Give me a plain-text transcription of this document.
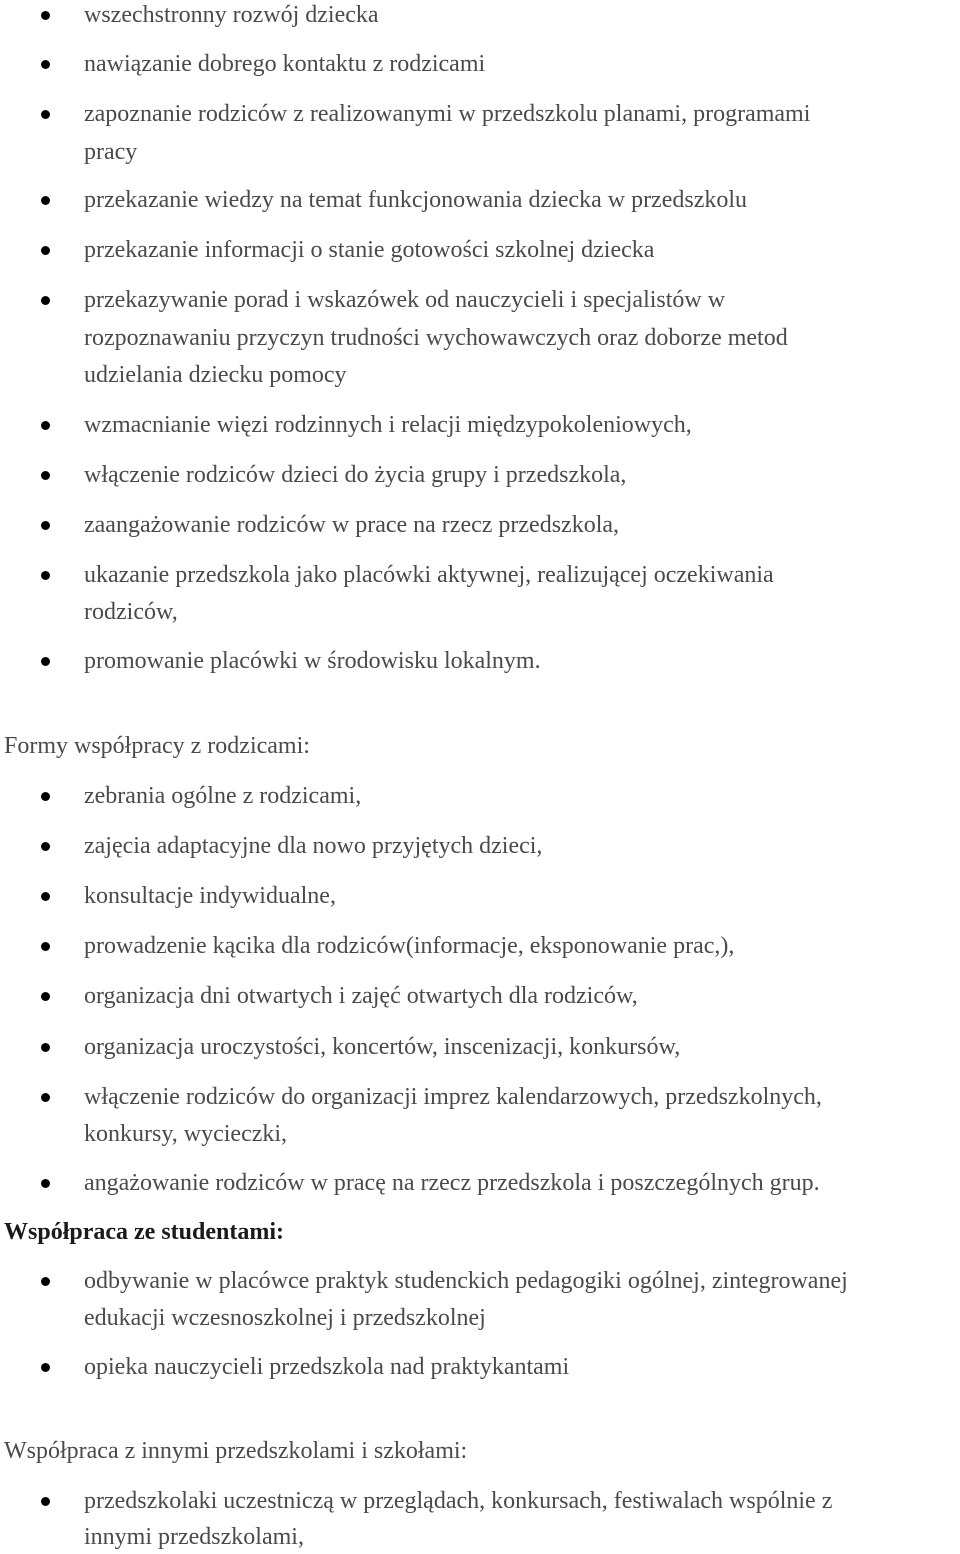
wszechstronny rozwój dziecka
nawiązanie dobrego kontaktu z rodzicami
zapoznanie rodziców z realizowanymi w przedszkolu planami, programami
pracy
przekazanie wiedzy na temat funkcjonowania dziecka w przedszkolu
przekazanie informacji o stanie gotowości szkolnej dziecka
przekazywanie porad i wskazówek od nauczycieli i specjalistów w
rozpoznawaniu przyczyn trudności wychowawczych oraz doborze metod
udzielania dziecku pomocy
wzmacnianie więzi rodzinnych i relacji międzypokoleniowych,
włączenie rodziców dzieci do życia grupy i przedszkola,
zaangażowanie rodziców w prace na rzecz przedszkola,
ukazanie przedszkola jako placówki aktywnej, realizującej oczekiwania
rodziców,
promowanie placówki w środowisku lokalnym.
Formy współpracy z rodzicami:
zebrania ogólne z rodzicami,
zajęcia adaptacyjne dla nowo przyjętych dzieci,
konsultacje indywidualne,
prowadzenie kącika dla rodziców(informacje, eksponowanie prac,),
organizacja dni otwartych i zajęć otwartych dla rodziców,
organizacja uroczystości, koncertów, inscenizacji, konkursów,
włączenie rodziców do organizacji imprez kalendarzowych, przedszkolnych,
konkursy, wycieczki,
angażowanie rodziców w pracę na rzecz przedszkola i poszczególnych grup.
Współpraca ze studentami:
odbywanie w placówce praktyk studenckich pedagogiki ogólnej, zintegrowanej
edukacji wczesnoszkolnej i przedszkolnej
opieka nauczycieli przedszkola nad praktykantami
Współpraca z innymi przedszkolami i szkołami:
przedszkolaki uczestniczą w przeglądach, konkursach, festiwalach wspólnie z
innymi przedszkolami,
